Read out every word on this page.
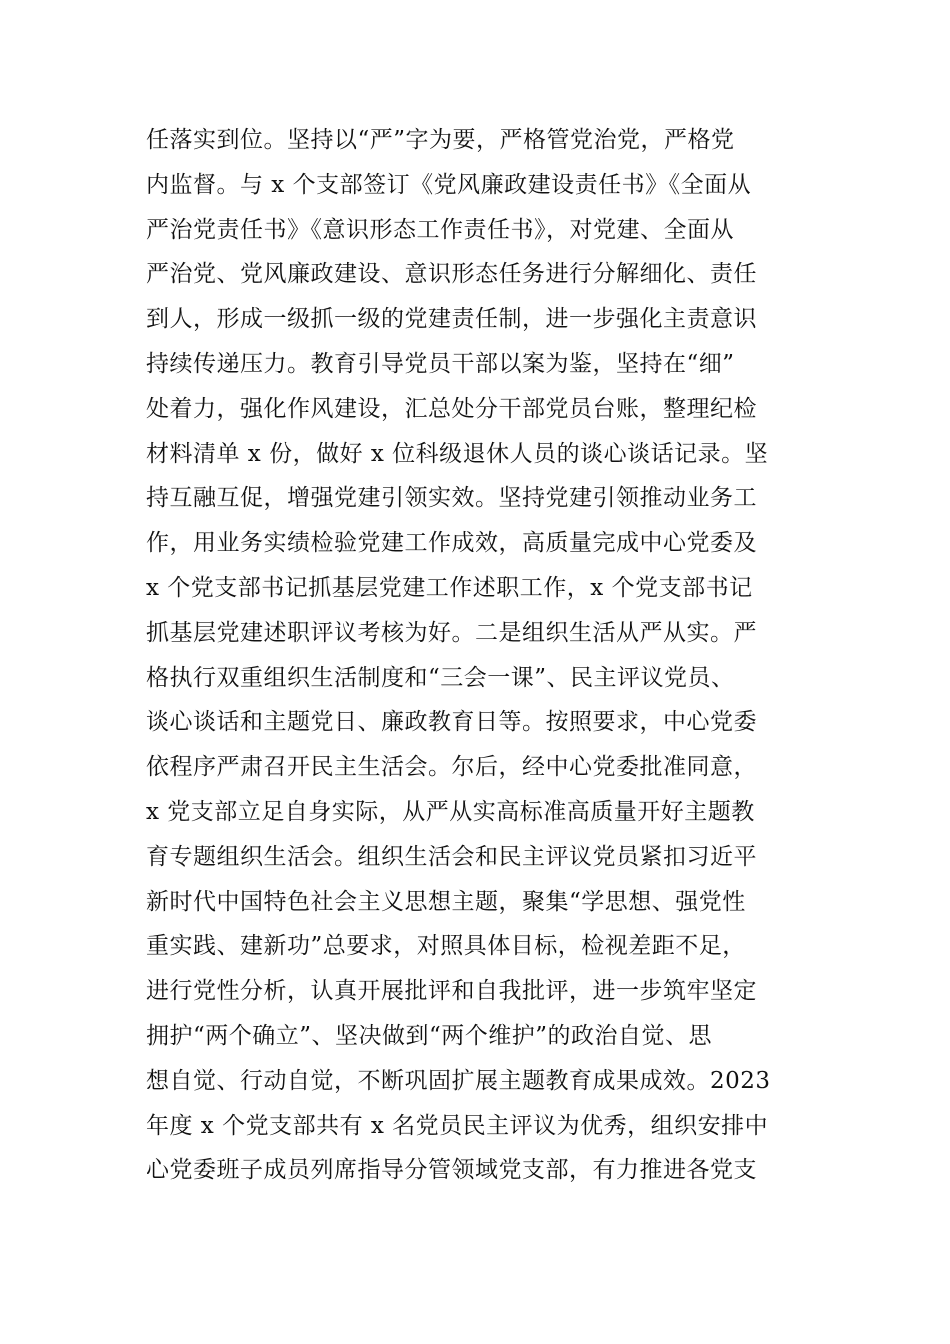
任落实到位。坚持以“严”字为要，严格管党治党，严格党
内监督。与 x 个支部签订《党风廉政建设责任书》《全面从
严治党责任书》《意识形态工作责任书》，对党建、全面从
严治党、党风廉政建设、意识形态任务进行分解细化、责任
到人，形成一级抓一级的党建责任制，进一步强化主责意识
持续传递压力。教育引导党员干部以案为鉴，坚持在“细”
处着力，强化作风建设，汇总处分干部党员台账，整理纪检
材料清单 x 份，做好 x 位科级退休人员的谈心谈话记录。坚
持互融互促，增强党建引领实效。坚持党建引领推动业务工
作，用业务实绩检验党建工作成效，高质量完成中心党委及
x 个党支部书记抓基层党建工作述职工作，x 个党支部书记
抓基层党建述职评议考核为好。二是组织生活从严从实。严
格执行双重组织生活制度和“三会一课”、民主评议党员、
谈心谈话和主题党日、廉政教育日等。按照要求，中心党委
依程序严肃召开民主生活会。尔后，经中心党委批准同意，
x 党支部立足自身实际，从严从实高标准高质量开好主题教
育专题组织生活会。组织生活会和民主评议党员紧扣习近平
新时代中国特色社会主义思想主题，聚集“学思想、强党性
重实践、建新功”总要求，对照具体目标，检视差距不足，
进行党性分析，认真开展批评和自我批评，进一步筑牢坚定
拥护“两个确立”、坚决做到“两个维护”的政治自觉、思
想自觉、行动自觉，不断巩固扩展主题教育成果成效。2023
年度 x 个党支部共有 x 名党员民主评议为优秀，组织安排中
心党委班子成员列席指导分管领域党支部，有力推进各党支
